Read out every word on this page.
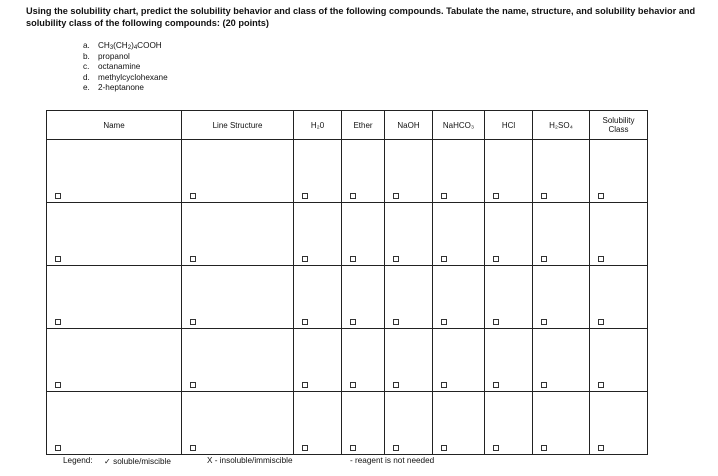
Using the solubility chart, predict the solubility behavior and class of the following compounds. Tabulate the name, structure, and solubility behavior and solubility class of the following compounds: (20 points)
a. $CH_3(CH_2)_4COOH$
b. propanol
c.	octanamine
d. methylcyclohexane
e. 2-heptanone
Name	Line Structure	H₂0	Ether	NaOH	NaHCO₃	HCl	H₂SO₄	Solubility Class

Legend: ✓ soluble/miscible	X - insoluble/immiscible	- reagent is not needed
